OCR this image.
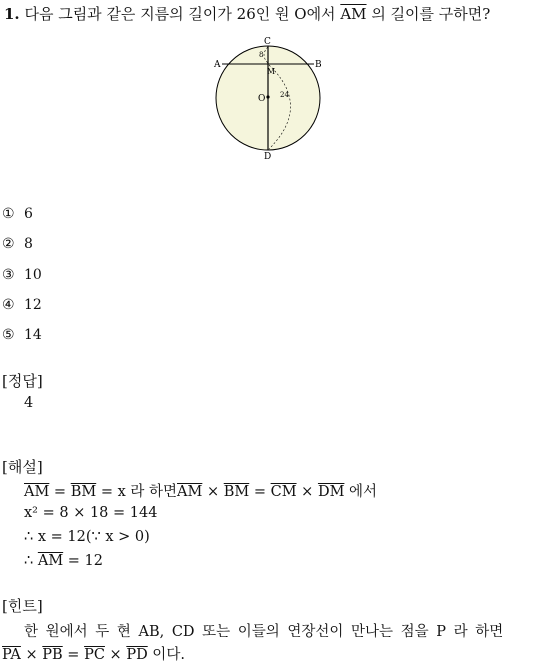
1. 다음 그림과 같은 지름의 길이가 26인 원 O에서 $\overline{AM}$ 의 길이를 구하면?
A	B
C
D
M
O
8
24
① 6
② 8
③ 10
④ 12
⑤ 14
[정답]
4
[해설]
$\overline{AM} = \overline{BM} = x$ 라 하면$\overline{AM} \times \overline{BM} = \overline{CM} \times \overline{DM}$ 에서
x² = 8 × 18 = 144
∴ x = 12(∵ x > 0)
∴ $\overline{AM} = 12$
[힌트]
한 원에서 두 현 AB, CD 또는 이들의 연장선이 만나는 점을 P 라 하면
$\overline{PA} \times \overline{PB} = \overline{PC} \times \overline{PD}$ 이다.
